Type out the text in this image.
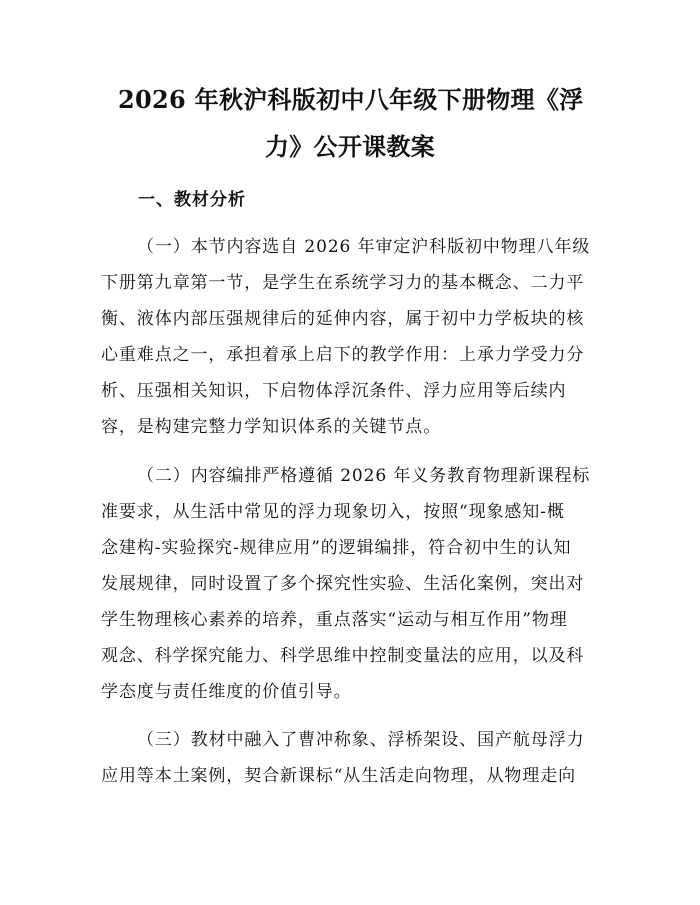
2026 年秋沪科版初中八年级下册物理《浮
力》公开课教案
一、教材分析
（一）本节内容选自 2026 年审定沪科版初中物理八年级
下册第九章第一节，是学生在系统学习力的基本概念、二力平
衡、液体内部压强规律后的延伸内容，属于初中力学板块的核
心重难点之一，承担着承上启下的教学作用：上承力学受力分
析、压强相关知识，下启物体浮沉条件、浮力应用等后续内
容，是构建完整力学知识体系的关键节点。
（二）内容编排严格遵循 2026 年义务教育物理新课程标
准要求，从生活中常见的浮力现象切入，按照“现象感知-概
念建构-实验探究-规律应用”的逻辑编排，符合初中生的认知
发展规律，同时设置了多个探究性实验、生活化案例，突出对
学生物理核心素养的培养，重点落实“运动与相互作用”物理
观念、科学探究能力、科学思维中控制变量法的应用，以及科
学态度与责任维度的价值引导。
（三）教材中融入了曹冲称象、浮桥架设、国产航母浮力
应用等本土案例，契合新课标“从生活走向物理，从物理走向
